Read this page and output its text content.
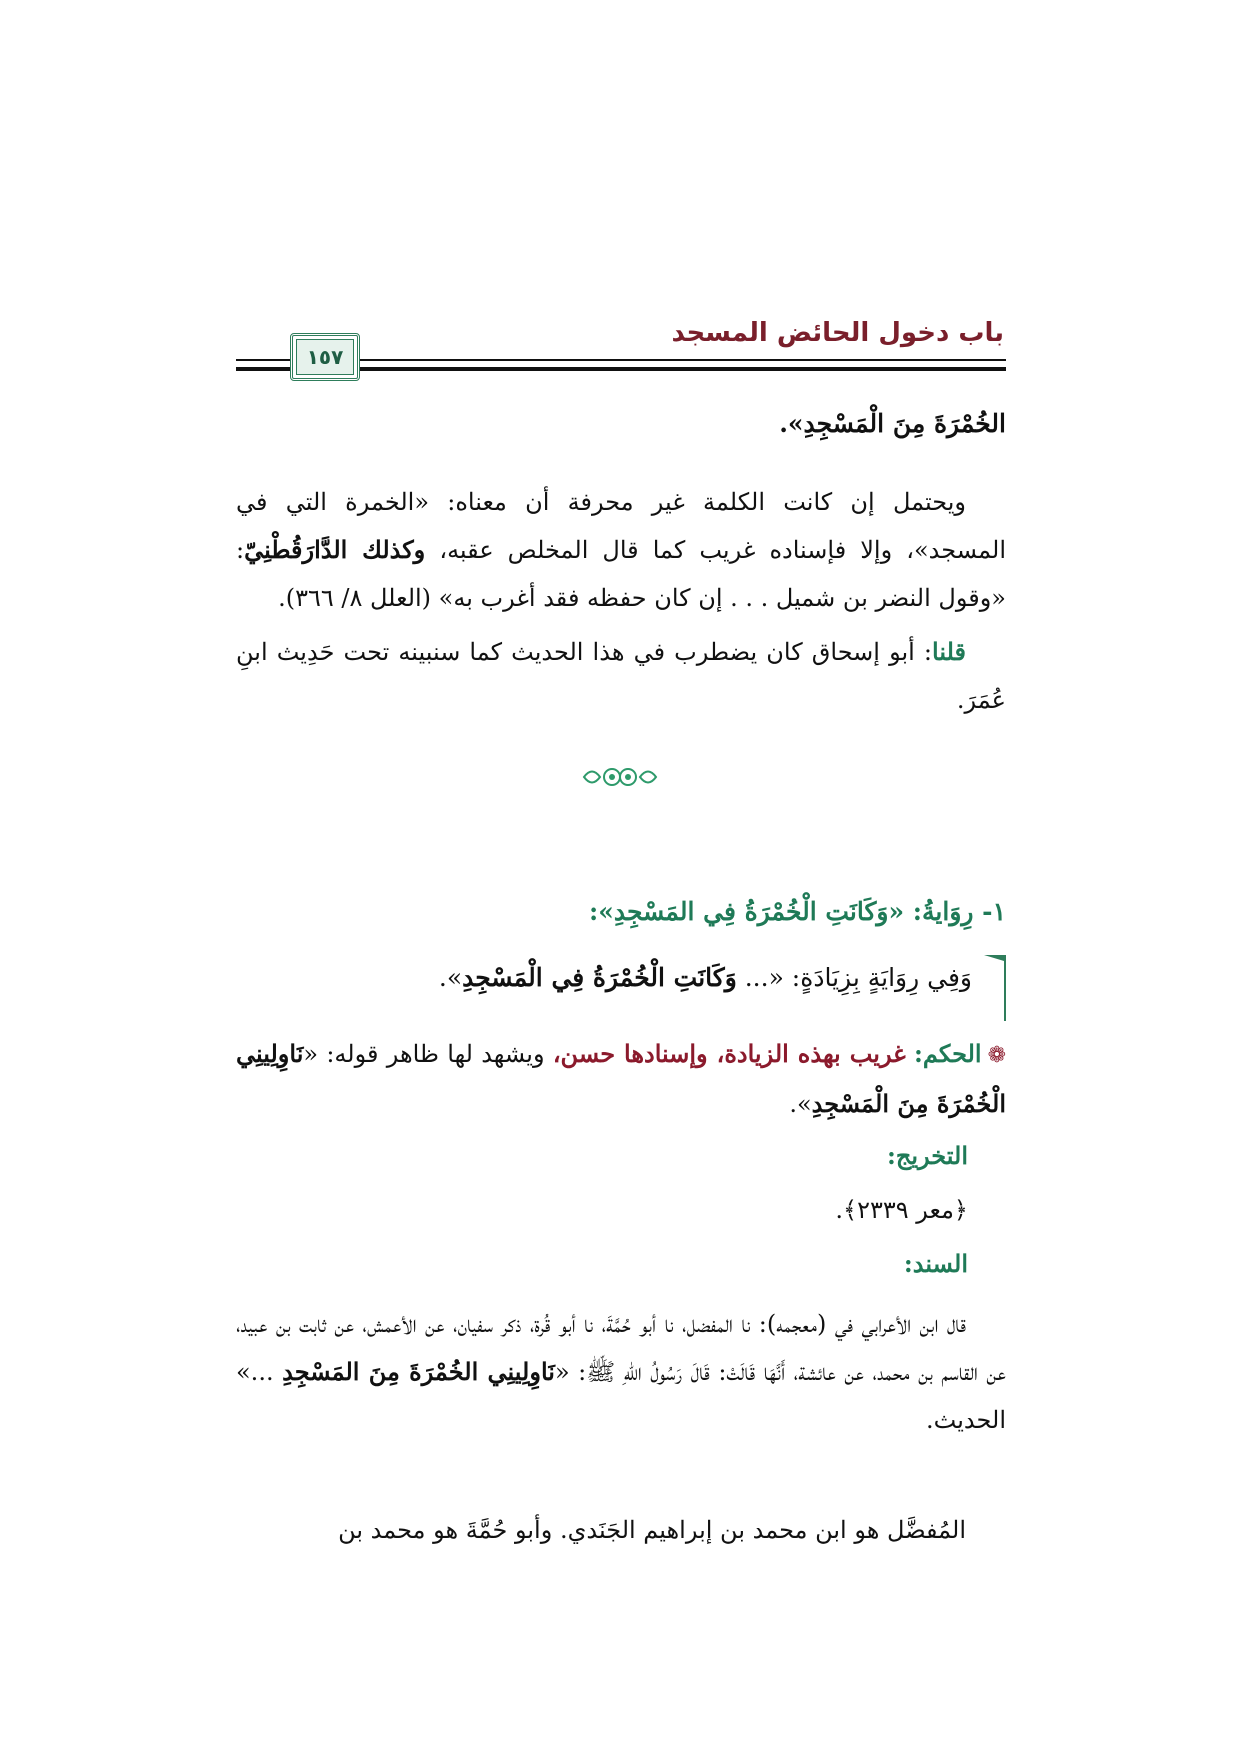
باب دخول الحائض المسجد
١٥٧
الخُمْرَةَ مِنَ الْمَسْجِدِ».
ويحتمل إن كانت الكلمة غير محرفة أن معناه: «الخمرة التي في المسجد»، وإلا فإسناده غريب كما قال المخلص عقبه، وكذلك الدَّارَقُطْنِيّ: «وقول النضر بن شميل . . . إن كان حفظه فقد أغرب به» (العلل ٨/ ٣٦٦).
قلنا: أبو إسحاق كان يضطرب في هذا الحديث كما سنبينه تحت حَدِيث ابنِ عُمَرَ.
١- رِوَايةُ: «وَكَانَتِ الْخُمْرَةُ فِي المَسْجِدِ»:
وَفِي رِوَايَةٍ بِزِيَادَةٍ: «... وَكَانَتِ الْخُمْرَةُ فِي الْمَسْجِدِ».
❁الحكم: غريب بهذه الزيادة، وإسنادها حسن، ويشهد لها ظاهر قوله: «نَاوِلِينِي الْخُمْرَةَ مِنَ الْمَسْجِدِ».
التخريج:
﴿معر ٢٣٣٩﴾.
السند:
قال ابن الأعرابي في (معجمه): نا المفضل، نا أبو حُمَّةَ، نا أبو قُرة، ذكر سفيان، عن الأعمش، عن ثابت بن عبيد، عن القاسم بن محمد، عن عائشة، أَنَّهَا قَالَتْ: قَالَ رَسُولُ اللهِ ﷺ: «نَاوِلِينِي الخُمْرَةَ مِنَ المَسْجِدِ ...» الحديث.
المُفضَّل هو ابن محمد بن إبراهيم الجَنَدي. وأبو حُمَّةَ هو محمد بن
